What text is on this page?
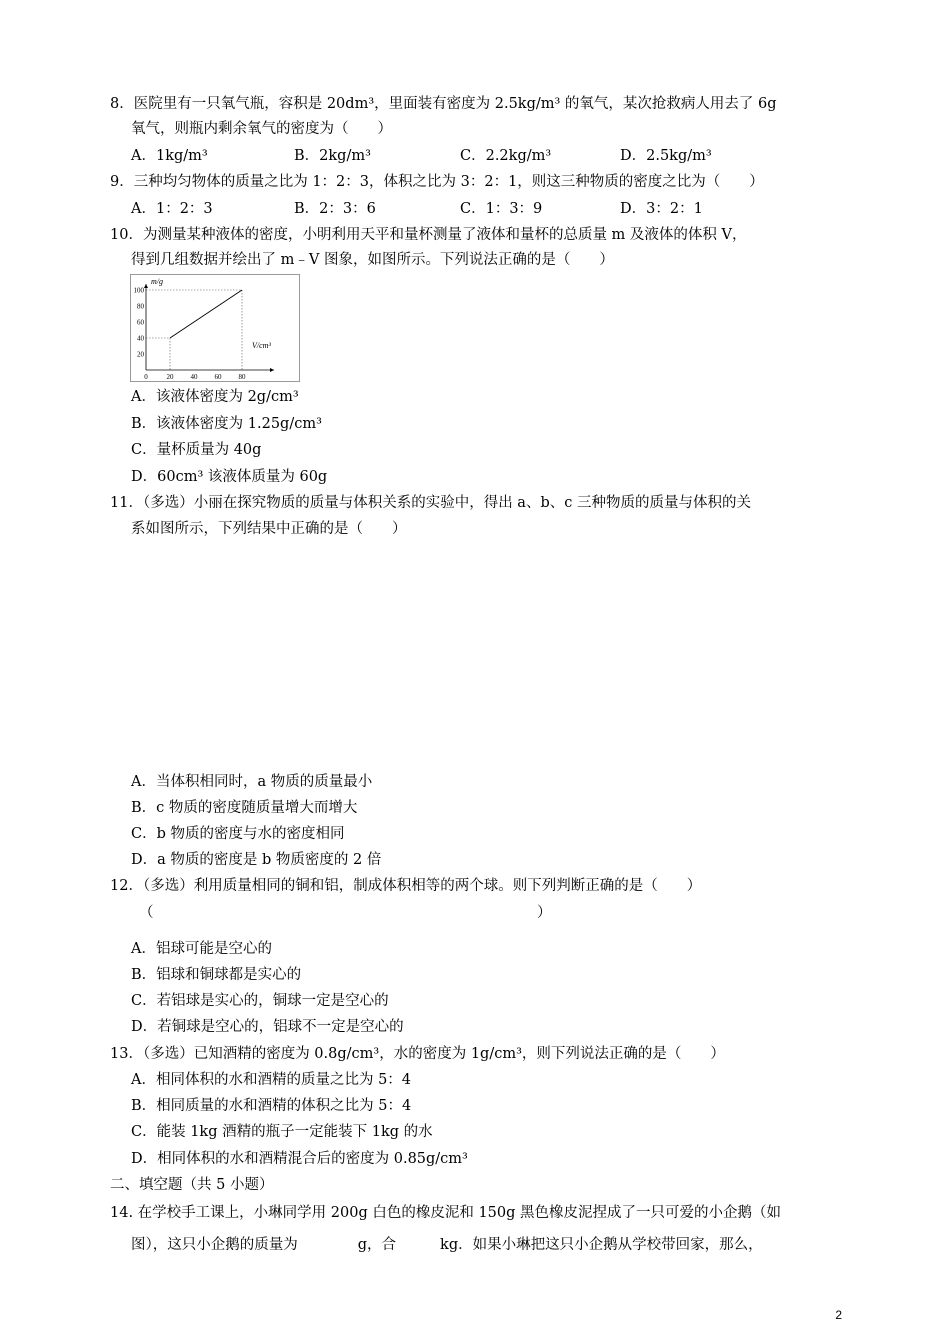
8．医院里有一只氧气瓶，容积是 20dm³，里面装有密度为 2.5kg/m³ 的氧气，某次抢救病人用去了 6g
氧气，则瓶内剩余氧气的密度为（　　）
A．1kg/m³	B．2kg/m³	C．2.2kg/m³	D．2.5kg/m³
9．三种均匀物体的质量之比为 1：2：3，体积之比为 3：2：1，则这三种物质的密度之比为（　　）
A．1：2：3	B．2：3：6	C．1：3：9	D．3：2：1
10．为测量某种液体的密度，小明利用天平和量杯测量了液体和量杯的总质量 m 及液体的体积 V，
得到几组数据并绘出了 m﹣V 图象，如图所示。下列说法正确的是（　　）
0	20 40 60 80
20
40
60
80
100
m/g
V/cm³
A．该液体密度为 2g/cm³
B．该液体密度为 1.25g/cm³
C．量杯质量为 40g
D．60cm³ 该液体质量为 60g
11．（多选）小丽在探究物质的质量与体积关系的实验中，得出 a、b、c 三种物质的质量与体积的关
系如图所示，下列结果中正确的是（　　）
A．当体积相同时，a 物质的质量最小
B．c 物质的密度随质量增大而增大
C．b 物质的密度与水的密度相同
D．a 物质的密度是 b 物质密度的 2 倍
12．（多选）利用质量相同的铜和铝，制成体积相等的两个球。则下列判断正确的是（　　）
（	）
A．铝球可能是空心的
B．铝球和铜球都是实心的
C．若铝球是实心的，铜球一定是空心的
D．若铜球是空心的，铝球不一定是空心的
13．（多选）已知酒精的密度为 0.8g/cm³，水的密度为 1g/cm³，则下列说法正确的是（　　）
A．相同体积的水和酒精的质量之比为 5：4
B．相同质量的水和酒精的体积之比为 5：4
C．能装 1kg 酒精的瓶子一定能装下 1kg 的水
D．相同体积的水和酒精混合后的密度为 0.85g/cm³
二、填空题（共 5 小题）
14. 在学校手工课上，小琳同学用 200g 白色的橡皮泥和 150g 黑色橡皮泥捏成了一只可爱的小企鹅（如
图），这只小企鹅的质量为	g，合	kg．如果小琳把这只小企鹅从学校带回家，那么，
2
